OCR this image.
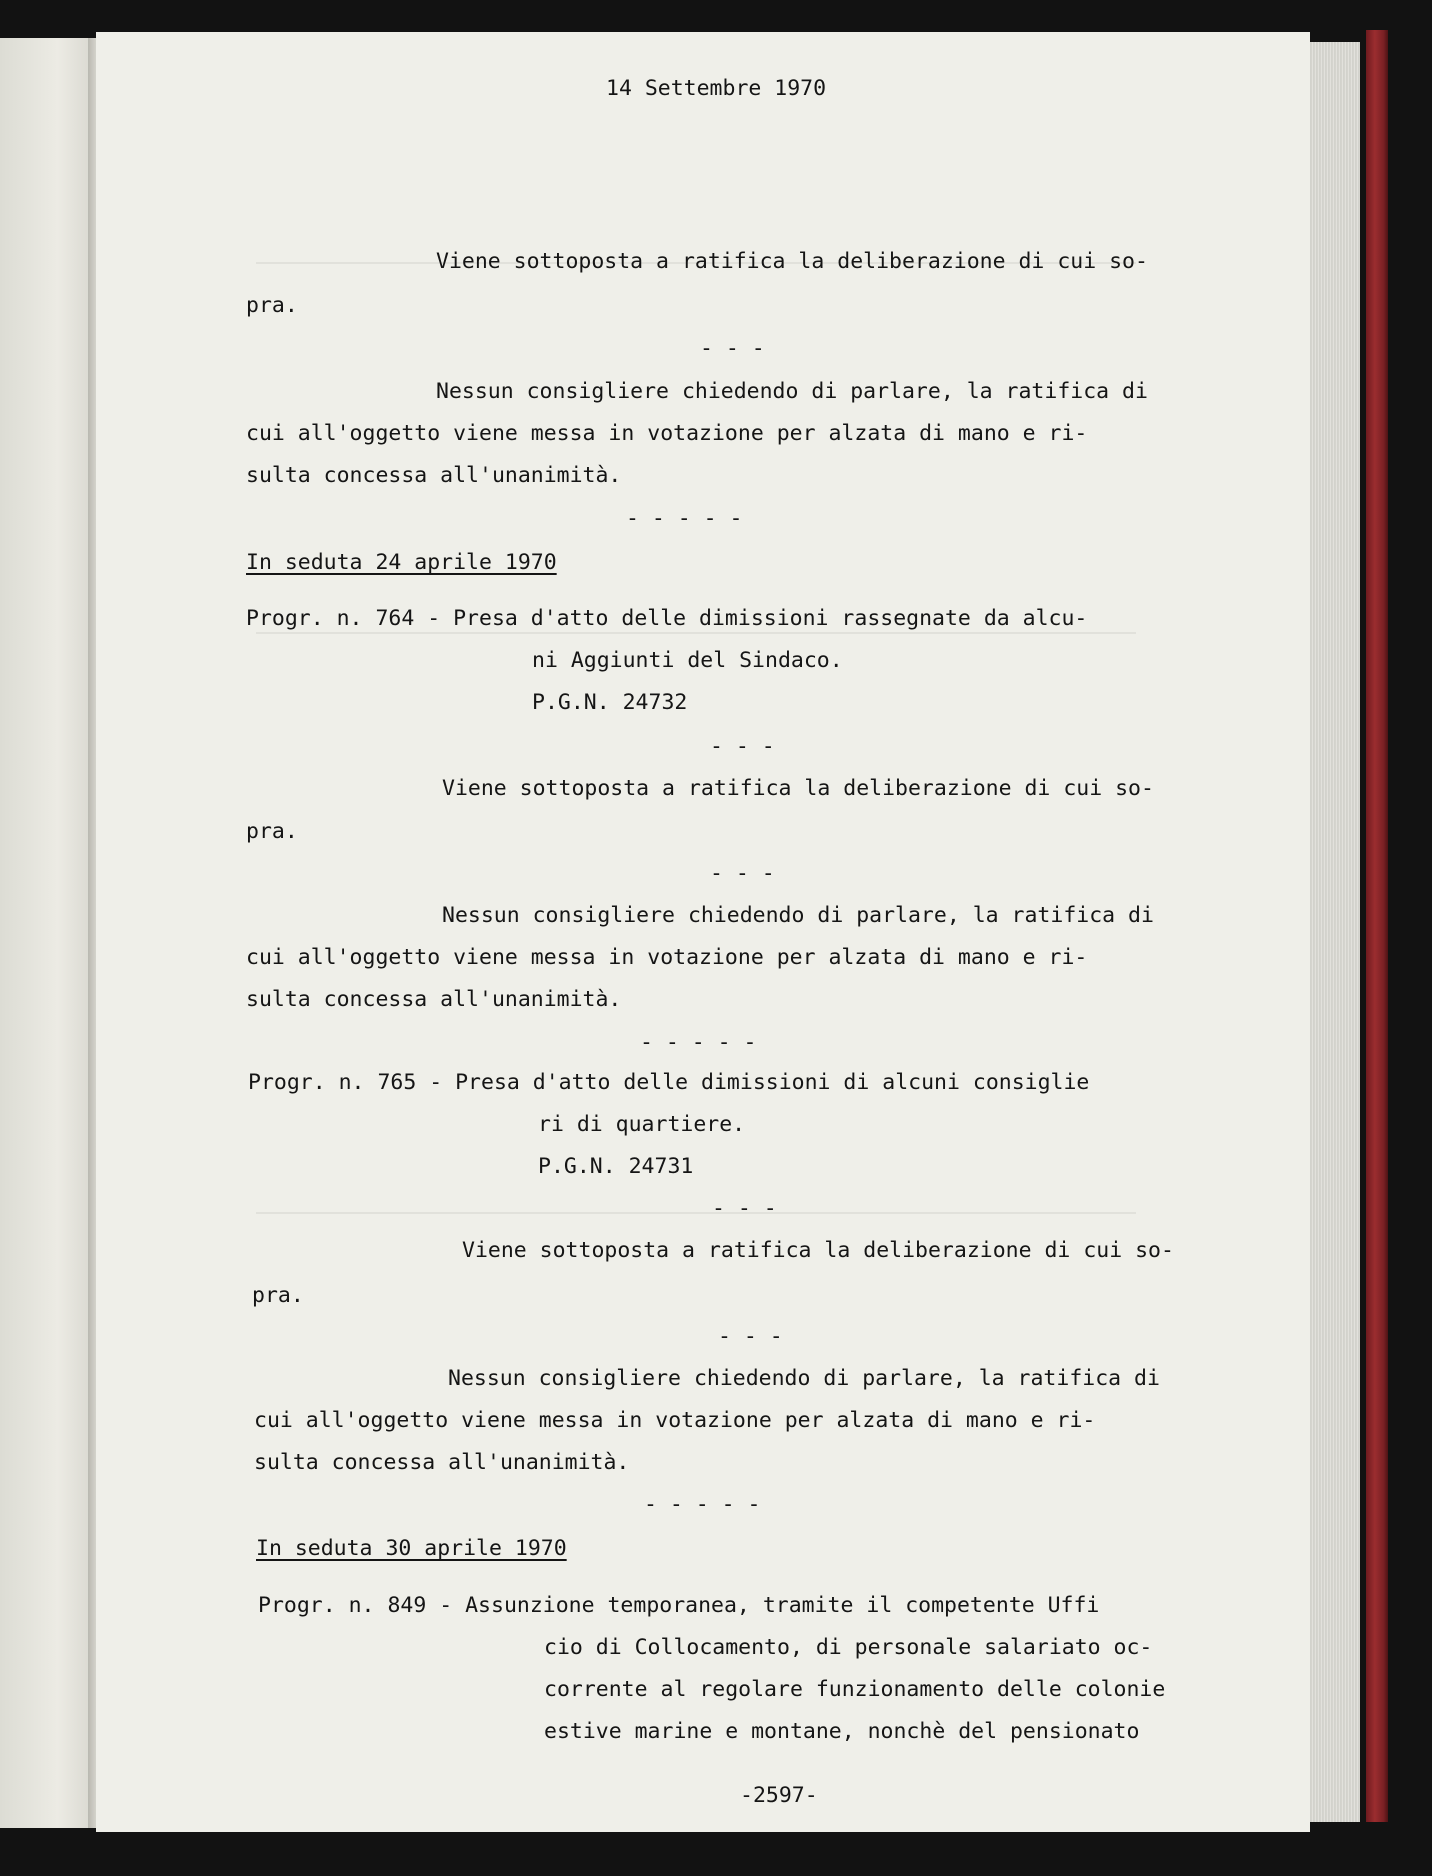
14 Settembre 1970
Viene sottoposta a ratifica la deliberazione di cui so-
pra.
- - -
Nessun consigliere chiedendo di parlare, la ratifica di
cui all'oggetto viene messa in votazione per alzata di mano e ri-
sulta concessa all'unanimità.
- - - - -
In seduta 24 aprile 1970
Progr. n. 764 - Presa d'atto delle dimissioni rassegnate da alcu-
ni Aggiunti del Sindaco.
P.G.N. 24732
- - -
Viene sottoposta a ratifica la deliberazione di cui so-
pra.
- - -
Nessun consigliere chiedendo di parlare, la ratifica di
cui all'oggetto viene messa in votazione per alzata di mano e ri-
sulta concessa all'unanimità.
- - - - -
Progr. n. 765 - Presa d'atto delle dimissioni di alcuni consiglie
ri di quartiere.
P.G.N. 24731
- - -
Viene sottoposta a ratifica la deliberazione di cui so-
pra.
- - -
Nessun consigliere chiedendo di parlare, la ratifica di
cui all'oggetto viene messa in votazione per alzata di mano e ri-
sulta concessa all'unanimità.
- - - - -
In seduta 30 aprile 1970
Progr. n. 849 - Assunzione temporanea, tramite il competente Uffi
cio di Collocamento, di personale salariato oc-
corrente al regolare funzionamento delle colonie
estive marine e montane, nonchè del pensionato
-2597-
